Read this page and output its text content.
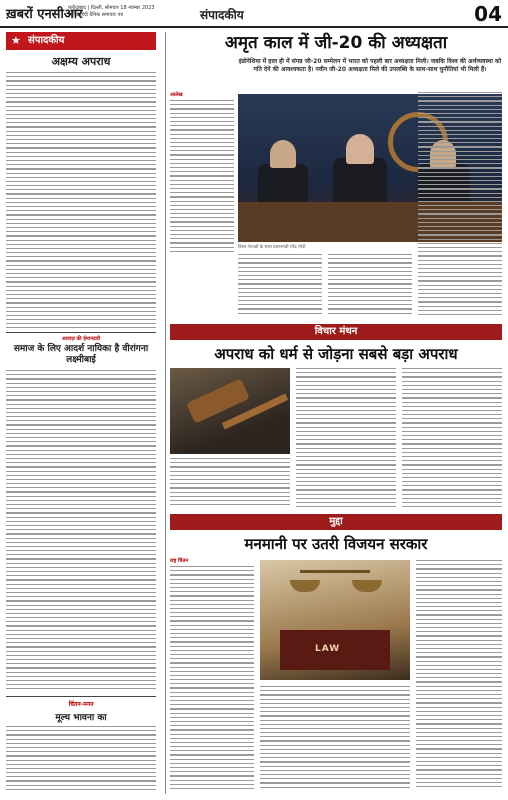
ख़बरों एनसीआर
फरीदाबाद | दिल्ली, सोमवार 18 नवम्बर 2023
राष्ट्रीय हिंदी दैनिक समाचार पत्र	संपादकीय	04
★ संपादकीय
अक्षम्य अपराध
आवाज़ की ईमानदारी
समाज के लिए आदर्श नायिका है वीरांगना लक्ष्मीबाई
चिंतन-मनन
मूल्य भावना का
अमृत काल में जी-20 की अध्यक्षता
इंडोनेशिया में हाल ही में संपन्न जी-20 सम्मेलन में भारत को पहली बार अध्यक्षता मिली। जबकि विश्व की अर्थव्यवस्था को गति देने की आवश्यकता है। नवीन जी-20 अध्यक्षता मिले की उपलब्धि के साथ-साथ चुनौतियां भी मिली हैं।
आलेख
विश्व नेताओं के साथ प्रधानमंत्री नरेंद्र मोदी
विचार मंथन
अपराध को धर्म से जोड़ना सबसे बड़ा अपराध
मुद्दा
मनमानी पर उतरी विजयन सरकार
राष्ट्र चिंतन
LAW
